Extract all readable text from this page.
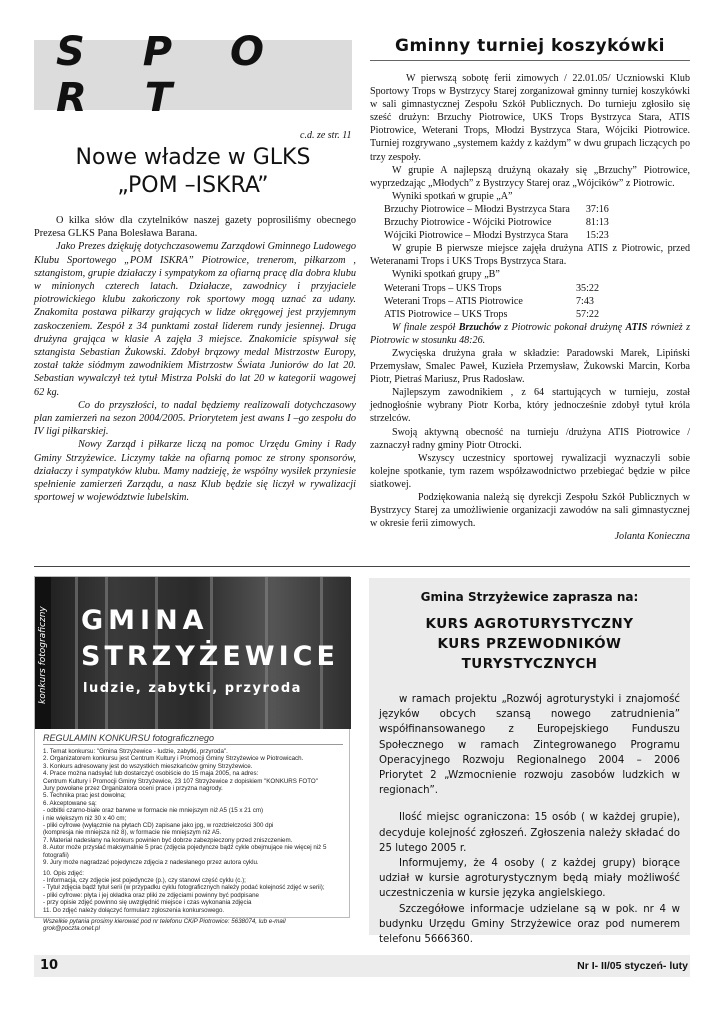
S P O R T
c.d. ze str. 11
Nowe władze w GLKS
„POM –ISKRA”

O kilka słów dla czytelników naszej gazety poprosiliśmy obecnego Prezesa GLKS Pana Bolesława Barana.

Jako Prezes dziękuję dotychczasowemu Zarządowi Gminnego Ludowego Klubu Sportowego „POM ISKRA” Piotrowice, trenerom, piłkarzom , sztangistom, grupie działaczy i sympatykom za ofiarną pracę dla dobra klubu w minionych czterech latach. Działacze, zawodnicy i przyjaciele piotrowickiego klubu zakończony rok sportowy mogą uznać za udany. Znakomita postawa piłkarzy grających w lidze okręgowej jest przyjemnym zaskoczeniem. Zespół z 34 punktami został liderem rundy jesiennej. Druga drużyna grająca w klasie A zajęła 3 miejsce. Znakomicie spisywał się sztangista Sebastian Żukowski. Zdobył brązowy medal Mistrzostw Europy, został także siódmym zawodnikiem Mistrzostw Świata Juniorów do lat 20. Sebastian wywalczył też tytuł Mistrza Polski do lat 20 w kategorii wagowej 62 kg.

Co do przyszłości, to nadal będziemy realizowali dotychczasowy plan zamierzeń na sezon 2004/2005. Priorytetem jest awans I –go zespołu do IV ligi piłkarskiej.

Nowy Zarząd i piłkarze liczą na pomoc Urzędu Gminy i Rady Gminy Strzyżewice. Liczymy także na ofiarną pomoc ze strony sponsorów, działaczy i sympatyków klubu. Mamy nadzieję, że wspólny wysiłek przyniesie spełnienie zamierzeń Zarządu, a nasz Klub będzie się liczył w rywalizacji sportowej w województwie lubelskim.

Gminny turniej koszykówki

W pierwszą sobotę ferii zimowych / 22.01.05/ Uczniowski Klub Sportowy Trops w Bystrzycy Starej zorganizował gminny turniej koszykówki w sali gimnastycznej Zespołu Szkół Publicznych. Do turnieju zgłosiło się sześć drużyn: Brzuchy Piotrowice, UKS Trops Bystrzyca Stara, ATIS Piotrowice, Weterani Trops, Młodzi Bystrzyca Stara, Wójciki Piotrowice. Turniej rozgrywano „systemem każdy z każdym” w dwu grupach liczących po trzy zespoły.

W grupie A najlepszą drużyną okazały się „Brzuchy” Piotrowice, wyprzedzając „Młodych” z Bystrzycy Starej oraz „Wójcików” z Piotrowic.

Wyniki spotkań w grupie „A”

Brzuchy Piotrowice – Młodzi Bystrzyca Stara	37:16
Brzuchy Piotrowice - Wójciki Piotrowice	81:13
Wójciki Piotrowice – Młodzi Bystrzyca Stara	15:23

W grupie B pierwsze miejsce zajęła drużyna ATIS z Piotrowic, przed Weteranami Trops i UKS Trops Bystrzyca Stara.

Wyniki spotkań grupy „B”

Weterani Trops – UKS Trops	35:22
Weterani Trops – ATIS Piotrowice	7:43
ATIS Piotrowice – UKS Trops	57:22

W finale zespół Brzuchów z Piotrowic pokonał drużynę ATIS również z Piotrowic w stosunku 48:26.

Zwycięska drużyna grała w składzie: Paradowski Marek, Lipiński Przemysław, Smalec Paweł, Kuzieła Przemysław, Żukowski Marcin, Korba Piotr, Pietraś Mariusz, Prus Radosław.

Najlepszym zawodnikiem , z 64 startujących w turnieju, został jednogłośnie wybrany Piotr Korba, który jednocześnie zdobył tytuł króla strzelców.

Swoją aktywną obecność na turnieju /drużyna ATIS Piotrowice / zaznaczył radny gminy Piotr Otrocki.

Wszyscy uczestnicy sportowej rywalizacji wyznaczyli sobie kolejne spotkanie, tym razem współzawodnictwo przebiegać będzie w piłce siatkowej.

Podziękowania należą się dyrekcji Zespołu Szkół Publicznych w Bystrzycy Starej za umożliwienie organizacji zawodów na sali gimnastycznej w okresie ferii zimowych.

Jolanta Konieczna

konkurs fotograficzny GMINA
STRZYŻEWICE
ludzie, zabytki, przyroda
REGULAMIN KONKURSU fotograficznego
1. Temat konkursu: "Gmina Strzyżewice - ludzie, zabytki, przyroda".
2. Organizatorem konkursu jest Centrum Kultury i Promocji Gminy Strzyżewice w Piotrowicach.
3. Konkurs adresowany jest do wszystkich mieszkańców gminy Strzyżewice.
4. Prace można nadsyłać lub dostarczyć osobiście do 15 maja 2005, na adres:
Centrum Kultury i Promocji Gminy Strzyżewice, 23 107 Strzyżewice z dopiskiem "KONKURS FOTO"
Jury powołane przez Organizatora oceni prace i przyzna nagrody.
5. Technika prac jest dowolna;
6. Akceptowane są:
- odbitki czarno-białe oraz barwne w formacie nie mniejszym niż A5 (15 x 21 cm)
i nie większym niż 30 x 40 cm;
- pliki cyfrowe (wyłącznie na płytach CD) zapisane jako jpg, w rozdzielczości 300 dpi
(kompresja nie mniejsza niż 8), w formacie nie mniejszym niż A5.
7. Materiał nadesłany na konkurs powinien być dobrze zabezpieczony przed zniszczeniem.
8. Autor może przysłać maksymalnie 5 prac (zdjęcia pojedyncze bądź cykle obejmujące nie więcej niż 5 fotografii)
9. Jury może nagradzać pojedyncze zdjęcia z nadesłanego przez autora cyklu.
10. Opis zdjęć:
- Informacja, czy zdjęcie jest pojedyncze (p.), czy stanowi część cyklu (c.);
- Tytuł zdjęcia bądź tytuł serii (w przypadku cyklu fotograficznych należy podać kolejność zdjęć w serii);
- pliki cyfrowe: płyta i jej okładka oraz pliki ze zdjęciami powinny być podpisane
- przy opisie zdjęć powinno się uwzględnić miejsce i czas wykonania zdjęcia
11. Do zdjęć należy dołączyć formularz zgłoszenia konkursowego.
Wszelkie pytania prosimy kierować pod nr telefonu CKiP Piotrowice: 5638074, lub e-mail grok@poczta.onet.pl
Gmina Strzyżewice zaprasza na:
KURS AGROTURYSTYCZNY
KURS PRZEWODNIKÓW
TURYSTYCZNYCH

w ramach projektu „Rozwój agroturystyki i znajomość języków obcych szansą nowego zatrudnienia” współfinansowanego z Europejskiego Funduszu Społecznego w ramach Zintegrowanego Programu Operacyjnego Rozwoju Regionalnego 2004 – 2006 Priorytet 2 „Wzmocnienie rozwoju zasobów ludzkich w regionach”.

Ilość miejsc ograniczona: 15 osób ( w każdej grupie), decyduje kolejność zgłoszeń. Zgłoszenia należy składać do 25 lutego 2005 r.

Informujemy, że 4 osoby ( z każdej grupy) biorące udział w kursie agroturystycznym będą miały możliwość uczestniczenia w kursie języka angielskiego.

Szczegółowe informacje udzielane są w pok. nr 4 w budynku Urzędu Gminy Strzyżewice oraz pod numerem telefonu 5666360.

10	Nr I- II/05 styczeń- luty
